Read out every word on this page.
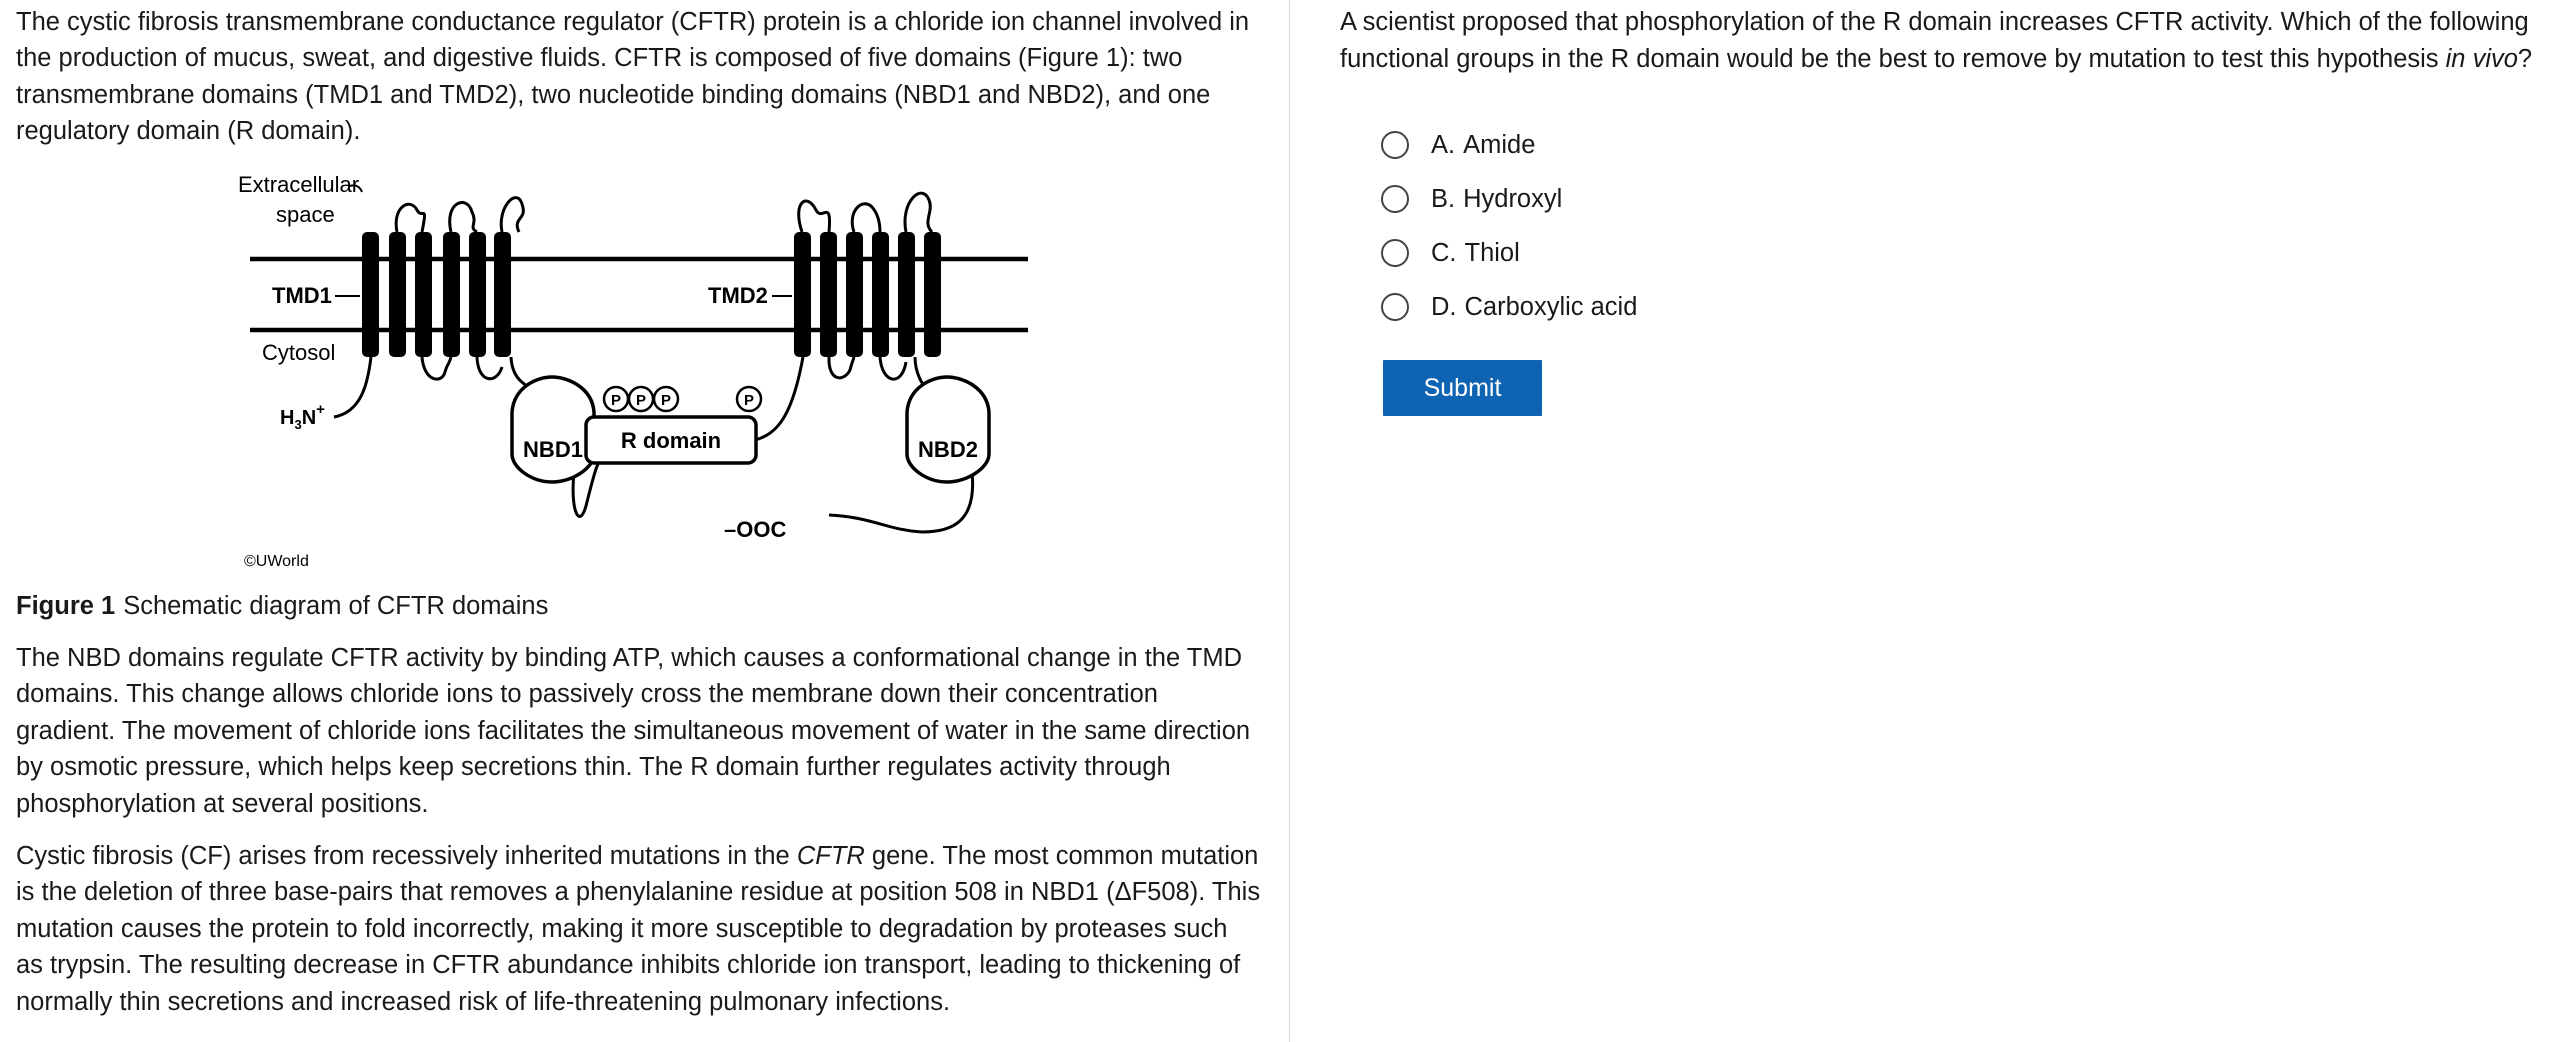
The cystic fibrosis transmembrane conductance regulator (CFTR) protein is a chloride ion channel involved in the production of mucus, sweat, and digestive fluids. CFTR is composed of five domains (Figure 1): two transmembrane domains (TMD1 and TMD2), two nucleotide binding domains (NBD1 and NBD2), and one regulatory domain (R domain).

P P P	P
Extracellular
space
TMD1	TMD2
Cytosol
$H_3N^+$
NBD1	NBD2
R domain
–OOC
©UWorld
Figure 1 Schematic diagram of CFTR domains

The NBD domains regulate CFTR activity by binding ATP, which causes a conformational change in the TMD domains. This change allows chloride ions to passively cross the membrane down their concentration gradient. The movement of chloride ions facilitates the simultaneous movement of water in the same direction by osmotic pressure, which helps keep secretions thin. The R domain further regulates activity through phosphorylation at several positions.

Cystic fibrosis (CF) arises from recessively inherited mutations in the CFTR gene. The most common mutation is the deletion of three base-pairs that removes a phenylalanine residue at position 508 in NBD1 (ΔF508). This mutation causes the protein to fold incorrectly, making it more susceptible to degradation by proteases such as trypsin. The resulting decrease in CFTR abundance inhibits chloride ion transport, leading to thickening of normally thin secretions and increased risk of life-threatening pulmonary infections.

A scientist proposed that phosphorylation of the R domain increases CFTR activity. Which of the following functional groups in the R domain would be the best to remove by mutation to test this hypothesis in vivo?
A. Amide
B. Hydroxyl
C. Thiol
D. Carboxylic acid
Submit
